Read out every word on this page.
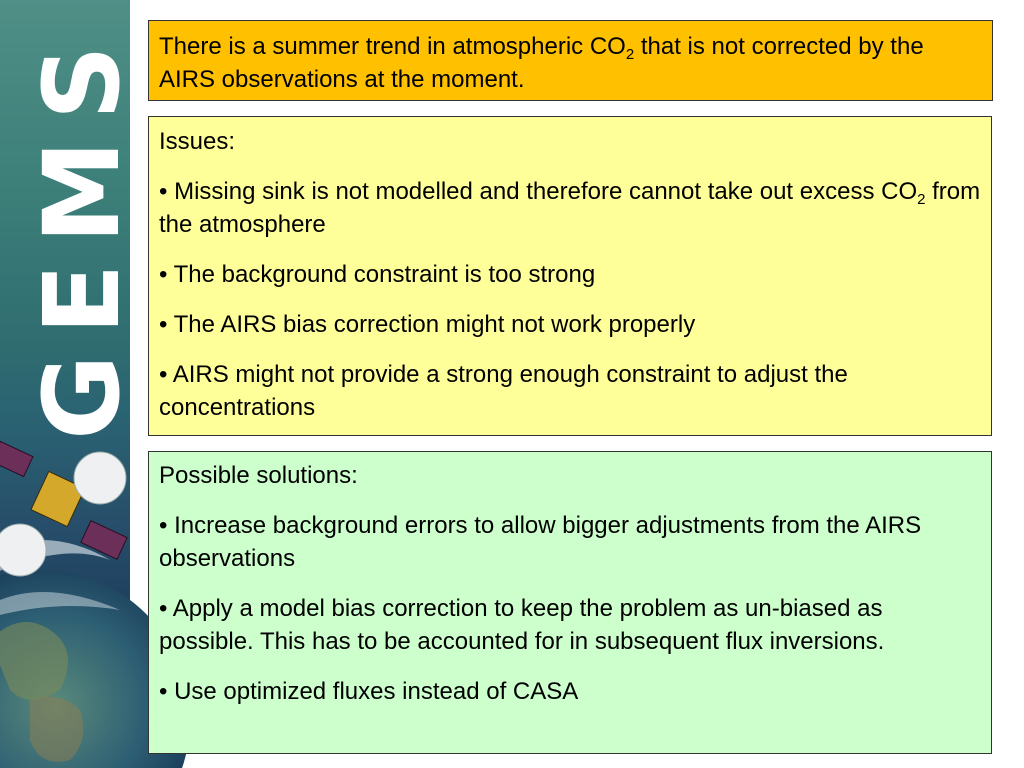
GEMS There is a summer trend in atmospheric $CO_2$ that is not corrected by the AIRS observations at the moment.

Issues:

• Missing sink is not modelled and therefore cannot take out excess $CO_2$ from the atmosphere

• The background constraint is too strong

• The AIRS bias correction might not work properly

• AIRS might not provide a strong enough constraint to adjust the concentrations

Possible solutions:

• Increase background errors to allow bigger adjustments from the AIRS observations

• Apply a model bias correction to keep the problem as un-biased as possible. This has to be accounted for in subsequent flux inversions.

• Use optimized fluxes instead of CASA
